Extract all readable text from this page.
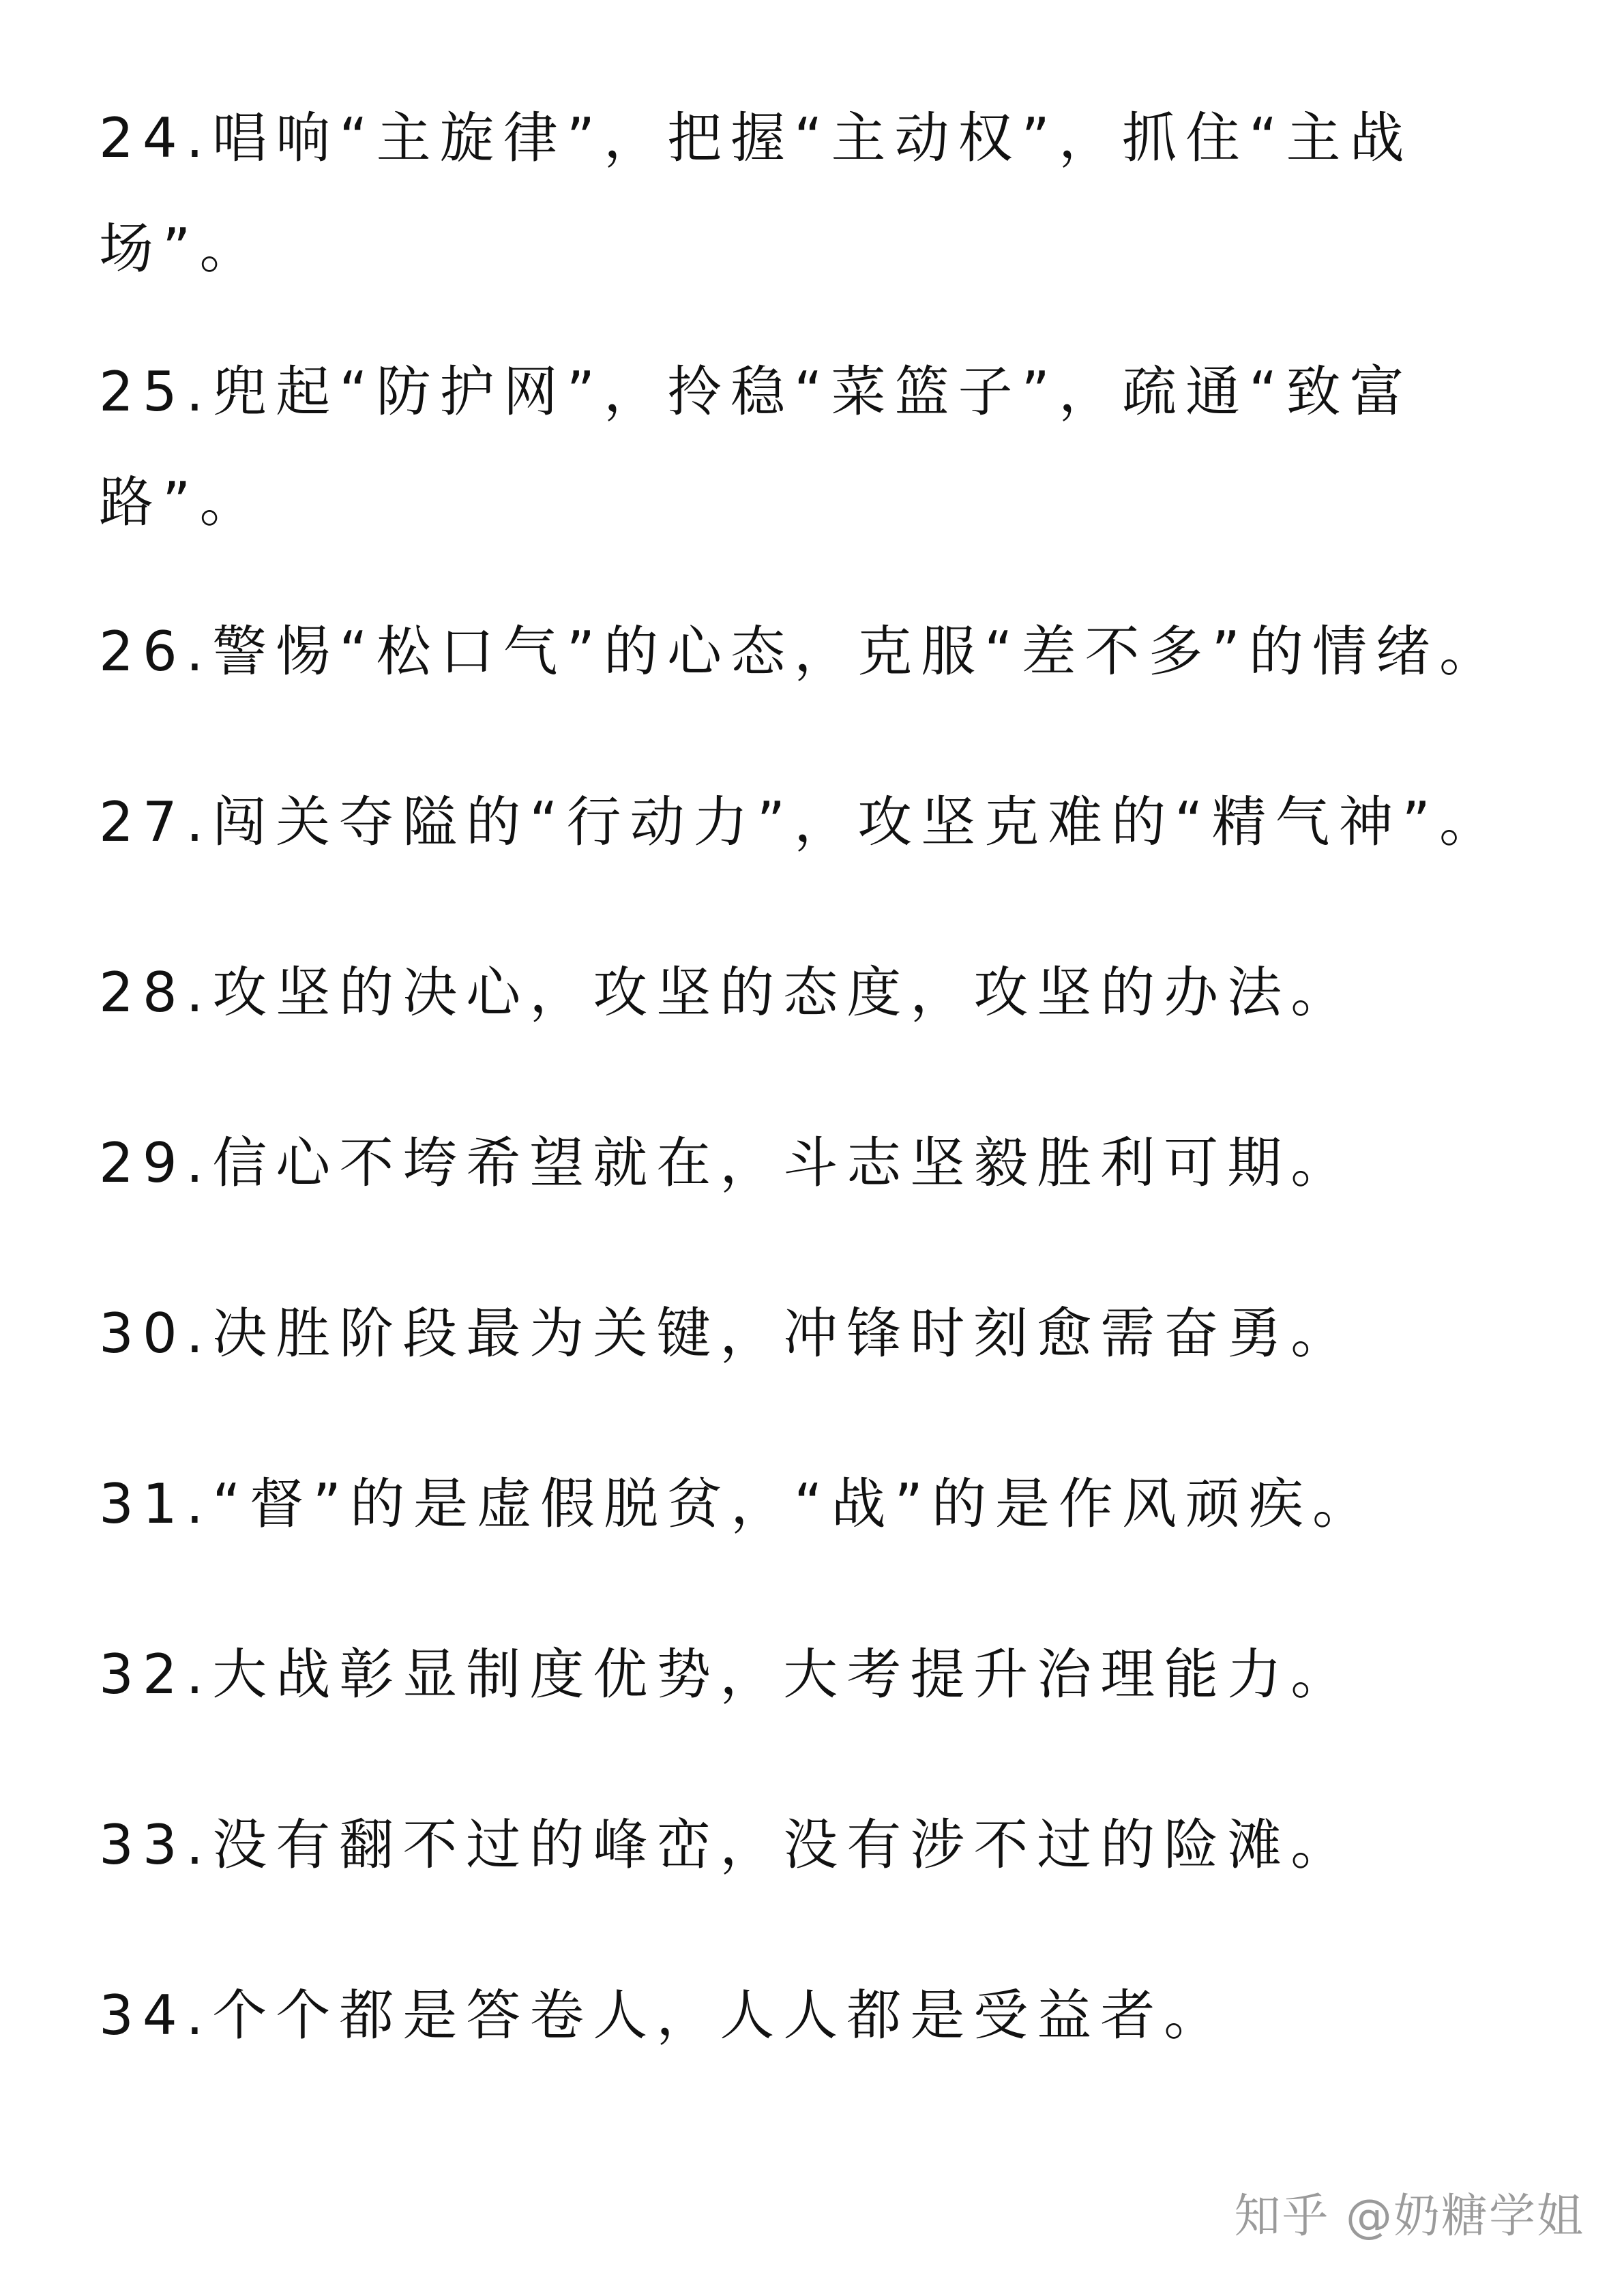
24.唱响“主旋律”，把握“主动权”，抓住“主战场”。

25.兜起“防护网”，拎稳“菜篮子”，疏通“致富路”。

26.警惕“松口气”的心态，克服“差不多”的情绪。

27.闯关夺隘的“行动力”，攻坚克难的“精气神”。

28.攻坚的决心，攻坚的态度，攻坚的办法。

29.信心不垮希望就在，斗志坚毅胜利可期。

30.决胜阶段最为关键，冲锋时刻愈需奋勇。

31.“督”的是虚假脱贫，“战”的是作风顽疾。

32.大战彰显制度优势，大考提升治理能力。

33.没有翻不过的峰峦，没有涉不过的险滩。

34.个个都是答卷人，人人都是受益者。

知乎 @奶糖学姐
